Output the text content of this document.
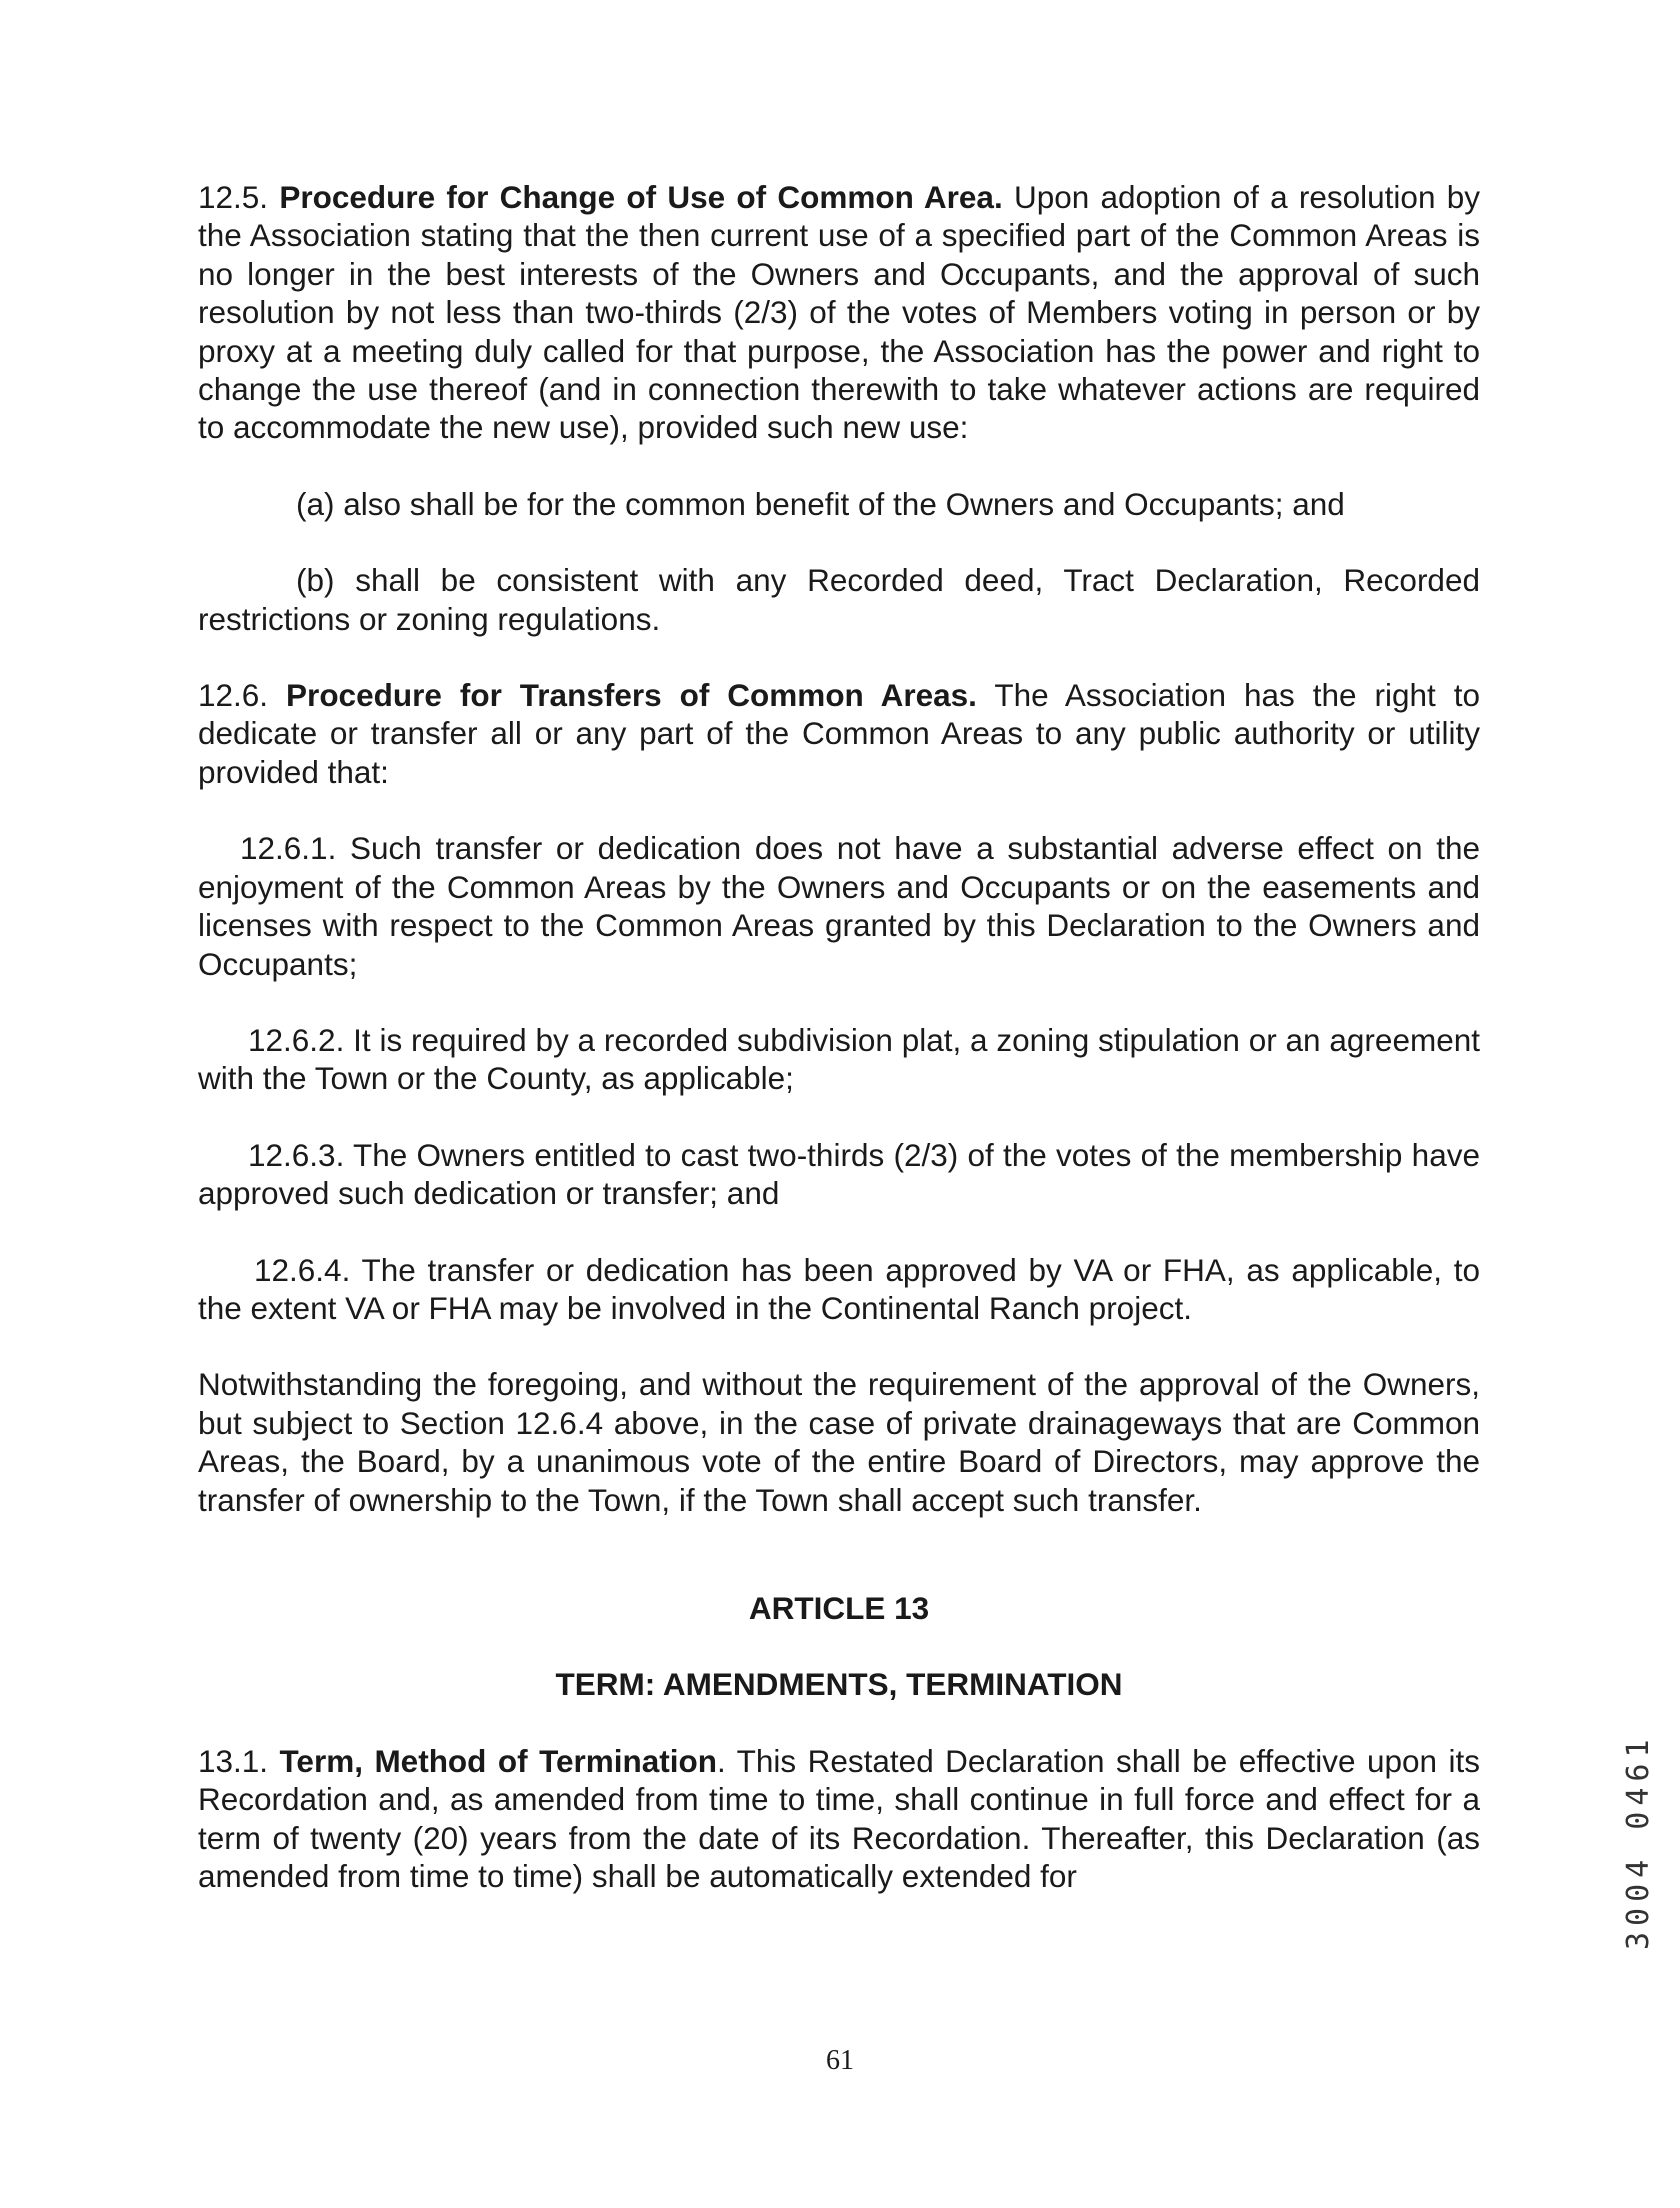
12.5. Procedure for Change of Use of Common Area. Upon adoption of a resolution by the Association stating that the then current use of a specified part of the Common Areas is no longer in the best interests of the Owners and Occupants, and the approval of such resolution by not less than two-thirds (2/3) of the votes of Members voting in person or by proxy at a meeting duly called for that purpose, the Association has the power and right to change the use thereof (and in connection therewith to take whatever actions are required to accommodate the new use), provided such new use:

(a) also shall be for the common benefit of the Owners and Occupants; and

(b) shall be consistent with any Recorded deed, Tract Declaration, Recorded restrictions or zoning regulations.

12.6. Procedure for Transfers of Common Areas. The Association has the right to dedicate or transfer all or any part of the Common Areas to any public authority or utility provided that:

12.6.1. Such transfer or dedication does not have a substantial adverse effect on the enjoyment of the Common Areas by the Owners and Occupants or on the easements and licenses with respect to the Common Areas granted by this Declaration to the Owners and Occupants;

12.6.2. It is required by a recorded subdivision plat, a zoning stipulation or an agreement with the Town or the County, as applicable;

12.6.3. The Owners entitled to cast two-thirds (2/3) of the votes of the membership have approved such dedication or transfer; and

12.6.4. The transfer or dedication has been approved by VA or FHA, as applicable, to the extent VA or FHA may be involved in the Continental Ranch project.

Notwithstanding the foregoing, and without the requirement of the approval of the Owners, but subject to Section 12.6.4 above, in the case of private drainageways that are Common Areas, the Board, by a unanimous vote of the entire Board of Directors, may approve the transfer of ownership to the Town, if the Town shall accept such transfer.

ARTICLE 13

TERM: AMENDMENTS, TERMINATION

13.1. Term, Method of Termination. This Restated Declaration shall be effective upon its Recordation and, as amended from time to time, shall continue in full force and effect for a term of twenty (20) years from the date of its Recordation. Thereafter, this Declaration (as amended from time to time) shall be automatically extended for	3004 0461
61
